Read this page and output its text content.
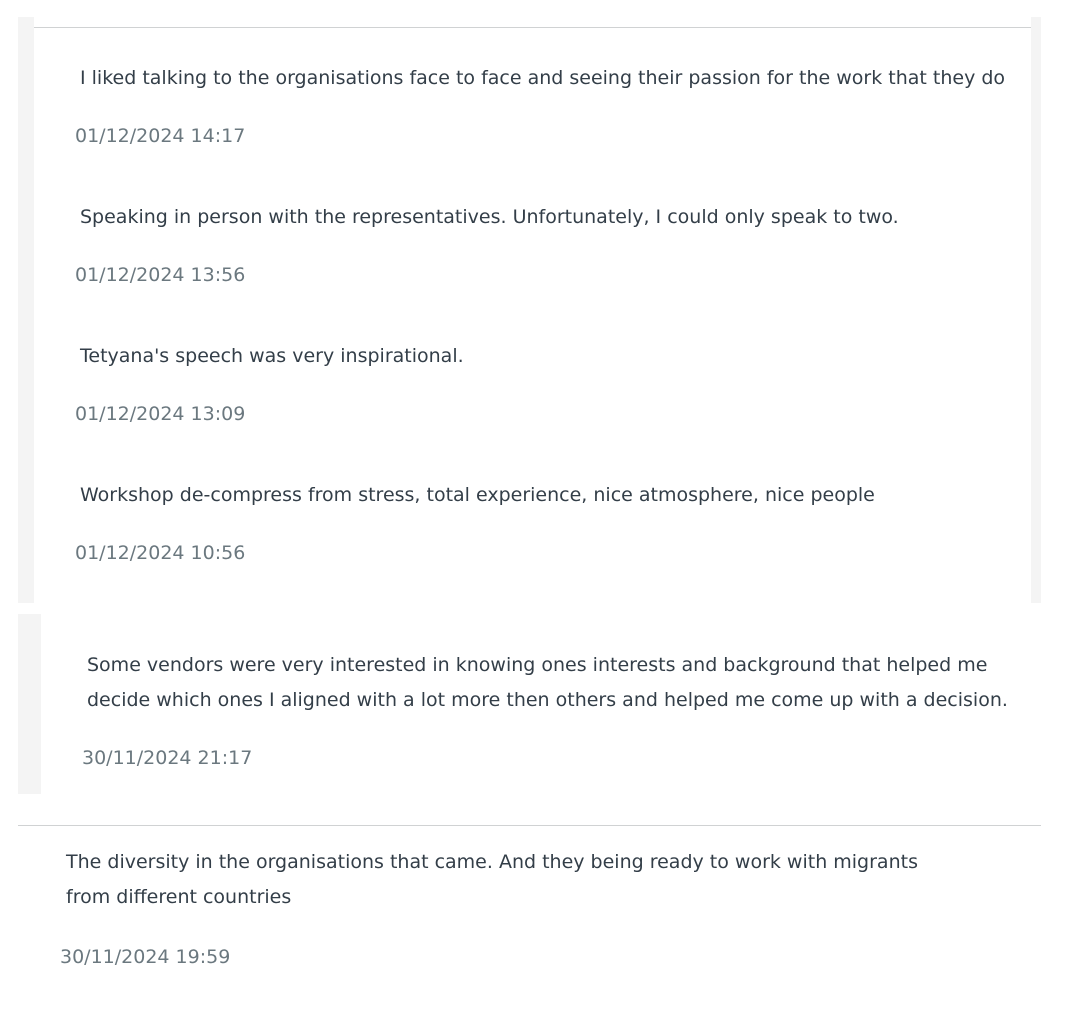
I liked talking to the organisations face to face and seeing their passion for the work that they do

01/12/2024 14:17

Speaking in person with the representatives. Unfortunately, I could only speak to two.

01/12/2024 13:56

Tetyana's speech was very inspirational.

01/12/2024 13:09

Workshop de-compress from stress, total experience, nice atmosphere, nice people

01/12/2024 10:56

Some vendors were very interested in knowing ones interests and background that helped me decide which ones I aligned with a lot more then others and helped me come up with a decision.

30/11/2024 21:17

The diversity in the organisations that came. And they being ready to work with migrants from different countries

30/11/2024 19:59
